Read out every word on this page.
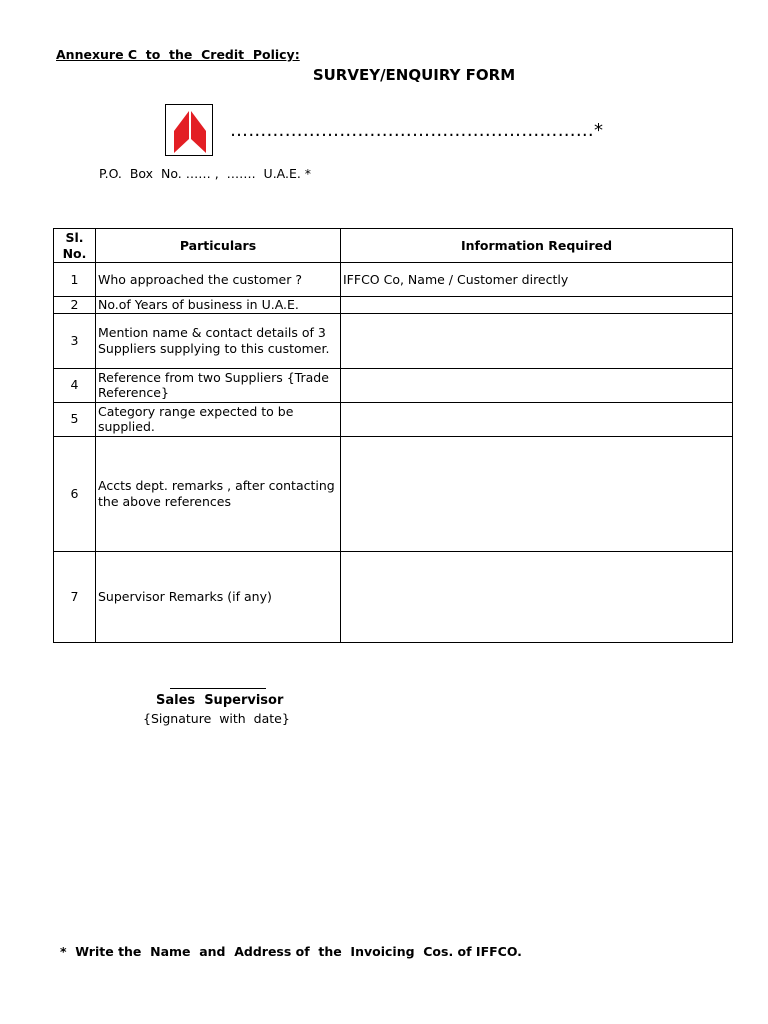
Annexure C  to  the  Credit  Policy:
SURVEY/ENQUIRY FORM
……………………………………………………*
P.O.  Box  No. …… ,  …….  U.A.E. *
Sl. No.	Particulars	Information Required
1	Who approached the customer ?	IFFCO Co, Name / Customer directly
2	No.of Years of business in U.A.E.	
3	Mention name & contact details of 3 Suppliers supplying to this customer.	
4	Reference from two Suppliers {Trade Reference}	
5	Category range expected to be supplied.	
6	Accts dept. remarks , after contacting the above references	
7	Supervisor Remarks (if any)	
Sales  Supervisor
{Signature  with  date}
*  Write the  Name  and  Address of  the  Invoicing  Cos. of IFFCO.
